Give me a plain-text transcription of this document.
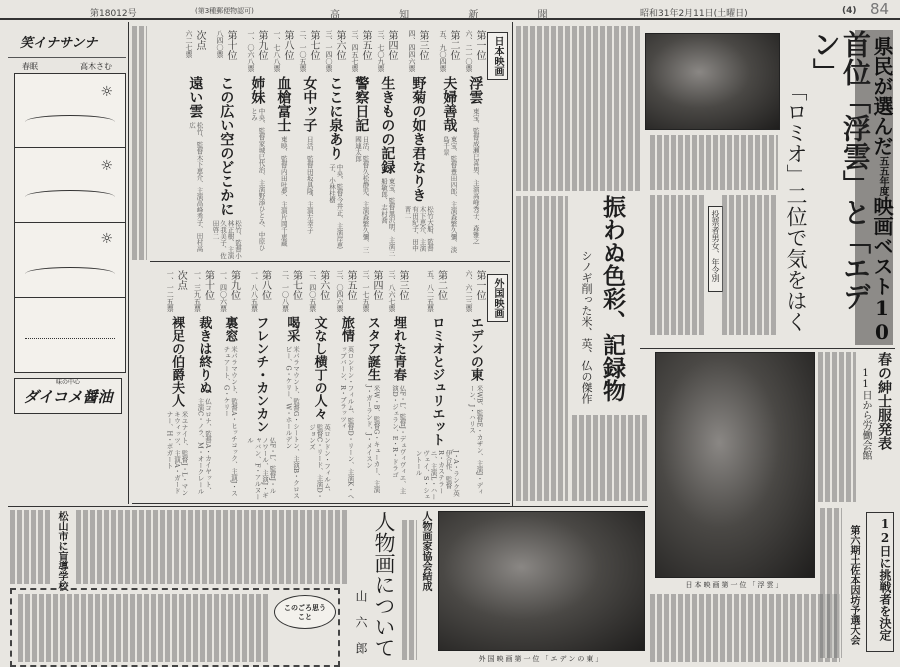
第18012号	(第3種郵便物認可)	高 知 新 聞	昭和31年2月11日(土曜日)	(4) 84
笑イナサンナ
春眠	高木さむ
☼
☼
☼
味の中心
ダイコメ醤油
日本映画
第一位
六、二一〇票
浮雲
東宝、監督成瀬巳喜男、主演高峰秀子、森雅之
第二位
五、九〇四票
夫婦善哉
東宝、監督豊田四郎、主演森繁久彌、淡島千景
第三位
四、四四六票
野菊の如き君なりき
松竹大船、監督木下恵介、主演有田紀子、田中晋二
第四位
三、七〇九票
生きものの記録
東宝、監督黒沢明、主演三船敏郎、志村喬
第五位
三、四五七票
警察日記
日活、監督久松静児、主演森繁久彌、三國連太郎
第六位
三、一四〇票
ここに泉あり
中央、監督今井正、主演岸恵子、小林桂樹
第七位
二、一〇五票
女中ッ子
日活、監督田坂具隆、主演左幸子
第八位
一、七八八票
血槍富士
東映、監督内田吐夢、主演片岡千恵蔵
第九位
一、〇六八票
姉妹
中央、監督家城巳代治、主演野添ひとみ、中原ひとみ
第十位
八四〇票
この広い空のどこかに
松竹、監督小林正樹、主演久我美子、佐田啓二
次点
六二七票
遠い雲
松竹、監督木下恵介、主演高峰秀子、田村高広
外国映画
第一位
六、六二三票
エデンの東
米WB、監督E・カザン、主演J・ディーン、J・ハリス
第二位
五、八二五票
ロミオとジュリエット
J・A・ランク英伊合作、監督R・カステラーニ、主演L・ハーヴェイ、S・シェントール
第三位
三、八六七票
埋れた青春
仏F・L、監督J・デュヴィヴィエ、主演D・ジェラン、E・R・ドラゴ
第四位
三、一七五票
スタア誕生
米W・B、監督G・キューカー、主演J・ガーランド、J・メイスン
第五位
三、〇四六票
旅情
英ロンドン・フィルム、監督D・リーン、主演K・ヘップバーン、R・ブラッツィ
第六位
二、四〇五票
文なし横丁の人々
英ロンドン・フィルム、監督C・リード、主演D・ジョンズ
第七位
二、一〇八票
喝采
米パラマウント、監督G・シートン、主演B・クロスビー、G・ケリー、W・ホールデン
第八位
一、八八五票
フレンチ・カンカン
仏F・L、監督J・ルノワール、主演J・ギャバン、F・アルヌール
第九位
一、四〇六票
裏窓
米パラマウント、監督A・ヒッチコック、主演J・スチュアート、G・ケリー
第十位
一、三九五票
裁きは終りぬ
仏コロナ、監督A・カイヤット、主演C・ノラ、M・オークレール
次点
一、一二五票
裸足の伯爵夫人
米ユナイト、監督J・L・マンキウィッツ、主演A・ガードナー、H・ボガート
振わぬ色彩、記録物
シノギ削った米、英、仏の傑作
投票者男女、年令別
県民が選んだ五五年度映画ベスト10
首位「浮雲」と「エデン」
「ロミオ」二位で気をはく
日本映画第一位「浮雲」
春の紳士服発表
11日から労働会館
12日に挑戦者を決定
第六期土佐本因坊予選大会
外国映画第一位「エデンの東」
人物画家協会結成
人物画について
山 六 郎
松山市に盲導学校
このごろ思うこと
